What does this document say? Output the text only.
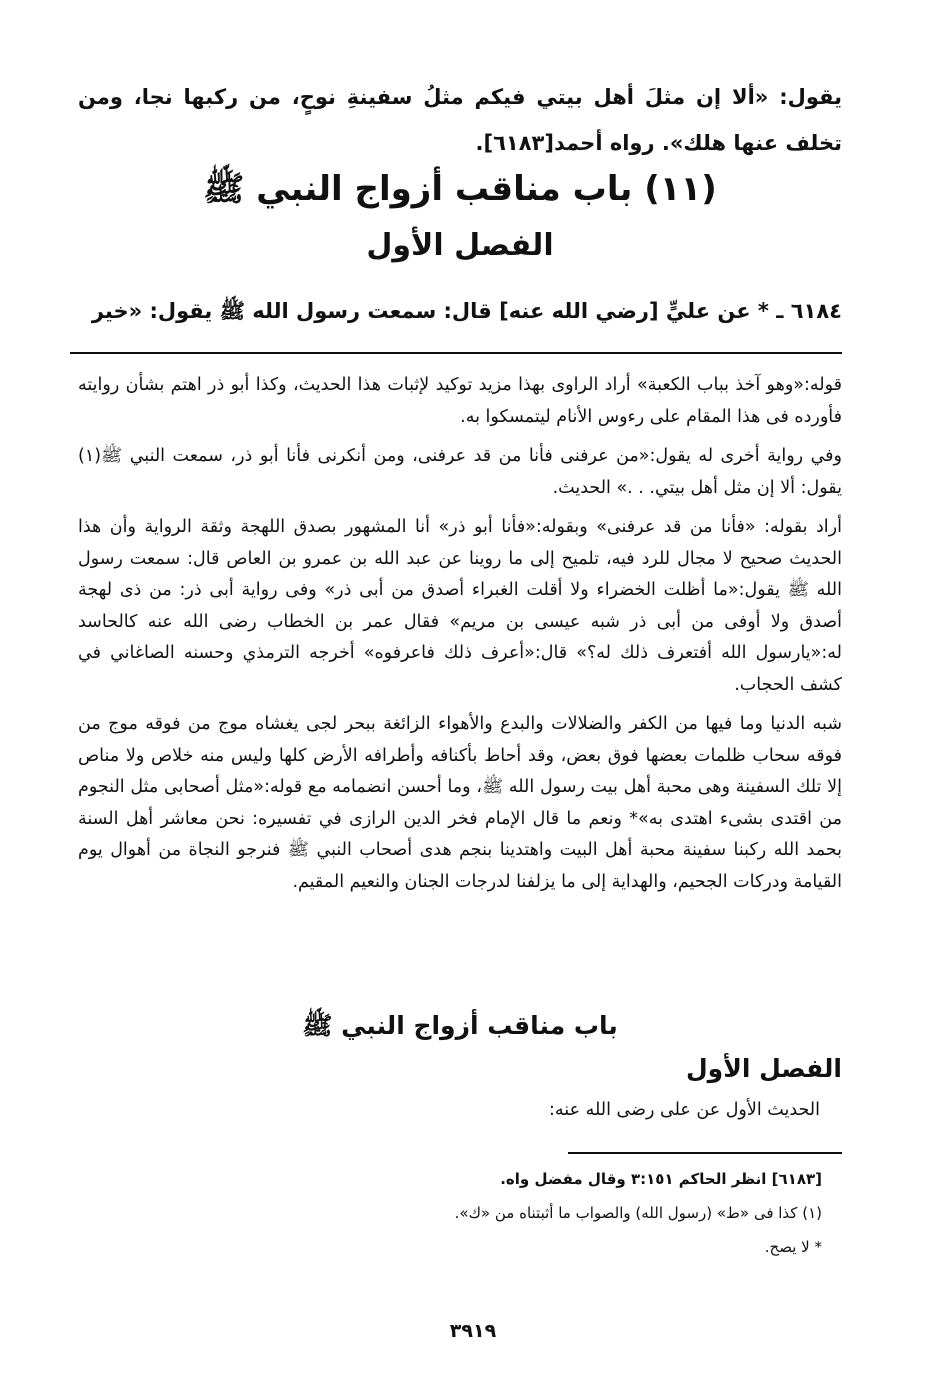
يقول: «ألا إن مثلَ أهل بيتي فيكم مثلُ سفينةِ نوحٍ، من ركبها نجا، ومن تخلف عنها هلك». رواه أحمد[٦١٨٣].
(١١) باب مناقب أزواج النبي ﷺ
الفصل الأول
٦١٨٤ ـ * عن عليٍّ [رضي الله عنه] قال: سمعت رسول الله ﷺ يقول: «خير

قوله:«وهو آخذ بباب الكعبة» أراد الراوى بهذا مزيد توكيد لإثبات هذا الحديث، وكذا أبو ذر اهتم بشأن روايته فأورده فى هذا المقام على رءوس الأنام ليتمسكوا به.

وفي رواية أخرى له يقول:«من عرفنى فأنا من قد عرفنى، ومن أنكرنى فأنا أبو ذر، سمعت النبي ﷺ(١) يقول: ألا إن مثل أهل بيتي. . .» الحديث.

أراد بقوله: «فأنا من قد عرفنى» وبقوله:«فأنا أبو ذر» أنا المشهور بصدق اللهجة وثقة الرواية وأن هذا الحديث صحيح لا مجال للرد فيه، تلميح إلى ما روينا عن عبد الله بن عمرو بن العاص قال: سمعت رسول الله ﷺ يقول:«ما أظلت الخضراء ولا أقلت الغبراء أصدق من أبى ذر» وفى رواية أبى ذر: من ذى لهجة أصدق ولا أوفى من أبى ذر شبه عيسى بن مريم» فقال عمر بن الخطاب رضى الله عنه كالحاسد له:«يارسول الله أفتعرف ذلك له؟» قال:«أعرف ذلك فاعرفوه» أخرجه الترمذي وحسنه الصاغاني في كشف الحجاب.

شبه الدنيا وما فيها من الكفر والضلالات والبدع والأهواء الزائغة ببحر لجى يغشاه موج من فوقه موج من فوقه سحاب ظلمات بعضها فوق بعض، وقد أحاط بأكنافه وأطرافه الأرض كلها وليس منه خلاص ولا مناص إلا تلك السفينة وهى محبة أهل بيت رسول الله ﷺ، وما أحسن انضمامه مع قوله:«مثل أصحابى مثل النجوم من اقتدى بشىء اهتدى به»* ونعم ما قال الإمام فخر الدين الرازى في تفسيره: نحن معاشر أهل السنة بحمد الله ركبنا سفينة محبة أهل البيت واهتدينا بنجم هدى أصحاب النبي ﷺ فنرجو النجاة من أهوال يوم القيامة ودركات الجحيم، والهداية إلى ما يزلفنا لدرجات الجنان والنعيم المقيم.

باب مناقب أزواج النبي ﷺ
الفصل الأول
الحديث الأول عن على رضى الله عنه:

[٦١٨٣] انظر الحاكم ٣:١٥١ وقال مفضل واه.

(١) كذا فى «ط» (رسول الله) والصواب ما أثبتناه من «ك».

* لا يصح.

٣٩١٩
